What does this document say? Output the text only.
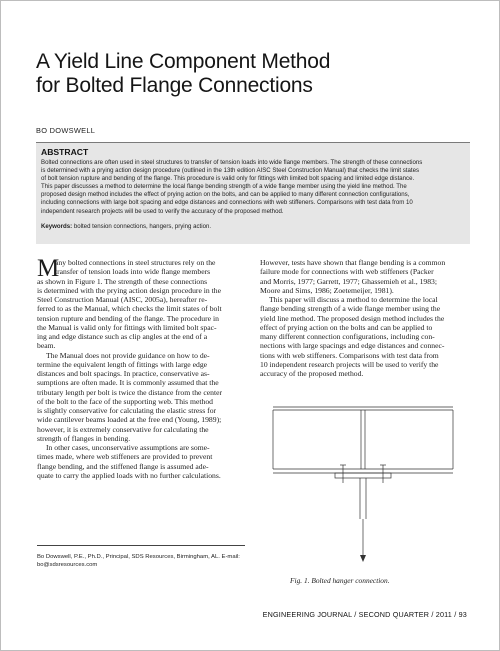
A Yield Line Component Method
for Bolted Flange Connections
BO DOWSWELL
ABSTRACT
Bolted connections are often used in steel structures to transfer of tension loads into wide flange members. The strength of these connections
is determined with a prying action design procedure (outlined in the 13th edition AISC Steel Construction Manual) that checks the limit states
of bolt tension rupture and bending of the flange. This procedure is valid only for fittings with limited bolt spacing and limited edge distance.
This paper discusses a method to determine the local flange bending strength of a wide flange member using the yield line method. The
proposed design method includes the effect of prying action on the bolts, and can be applied to many different connection configurations,
including connections with large bolt spacing and edge distances and connections with web stiffeners. Comparisons with test data from 10
independent research projects will be used to verify the accuracy of the proposed method.
Keywords: bolted tension connections, hangers, prying action.
M
any bolted connections in steel structures rely on the
transfer of tension loads into wide flange members
as shown in Figure 1. The strength of these connections
is determined with the prying action design procedure in the
Steel Construction Manual (AISC, 2005a), hereafter re-
ferred to as the Manual, which checks the limit states of bolt
tension rupture and bending of the flange. The procedure in
the Manual is valid only for fittings with limited bolt spac-
ing and edge distance such as clip angles at the end of a
beam.
The Manual does not provide guidance on how to de-
termine the equivalent length of fittings with large edge
distances and bolt spacings. In practice, conservative as-
sumptions are often made. It is commonly assumed that the
tributary length per bolt is twice the distance from the center
of the bolt to the face of the supporting web. This method
is slightly conservative for calculating the elastic stress for
wide cantilever beams loaded at the free end (Young, 1989);
however, it is extremely conservative for calculating the
strength of flanges in bending.
In other cases, unconservative assumptions are some-
times made, where web stiffeners are provided to prevent
flange bending, and the stiffened flange is assumed ade-
quate to carry the applied loads with no further calculations.
However, tests have shown that flange bending is a common
failure mode for connections with web stiffeners (Packer
and Morris, 1977; Garrett, 1977; Ghassemieh et al., 1983;
Moore and Sims, 1986; Zoetemeijer, 1981).
This paper will discuss a method to determine the local
flange bending strength of a wide flange member using the
yield line method. The proposed design method includes the
effect of prying action on the bolts and can be applied to
many different connection configurations, including con-
nections with large spacings and edge distances and connec-
tions with web stiffeners. Comparisons with test data from
10 independent research projects will be used to verify the
accuracy of the proposed method.
Fig. 1. Bolted hanger connection.
Bo Dowswell, P.E., Ph.D., Principal, SDS Resources, Birmingham, AL. E-mail:
bo@sdsresources.com
ENGINEERING JOURNAL / SECOND QUARTER / 2011 / 93
